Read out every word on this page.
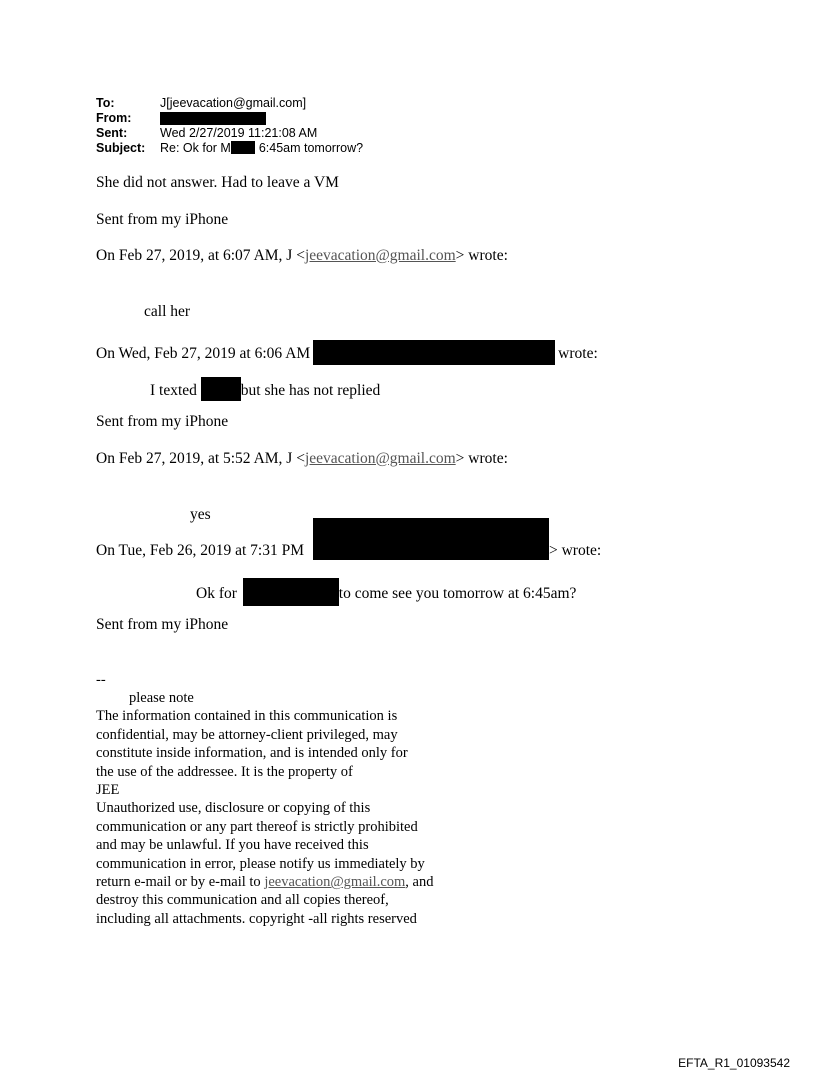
To:	J[jeevacation@gmail.com]
From:
Sent:	Wed 2/27/2019 11:21:08 AM
Subject:	Re: Ok for M 6:45am tomorrow?
She did not answer. Had to leave a VM
Sent from my iPhone
On Feb 27, 2019, at 6:07 AM, J <jeevacation@gmail.com> wrote:
call her
On Wed, Feb 27, 2019 at 6:06 AM	wrote:
I texted	but she has not replied
Sent from my iPhone
On Feb 27, 2019, at 5:52 AM, J <jeevacation@gmail.com> wrote:
yes
On Tue, Feb 26, 2019 at 7:31 PM	> wrote:
Ok for	to come see you tomorrow at 6:45am?
Sent from my iPhone
--
please note
The information contained in this communication is
confidential, may be attorney-client privileged, may
constitute inside information, and is intended only for
the use of the addressee. It is the property of
JEE
Unauthorized use, disclosure or copying of this
communication or any part thereof is strictly prohibited
and may be unlawful. If you have received this
communication in error, please notify us immediately by
return e-mail or by e-mail to jeevacation@gmail.com, and
destroy this communication and all copies thereof,
including all attachments. copyright -all rights reserved
EFTA_R1_01093542
